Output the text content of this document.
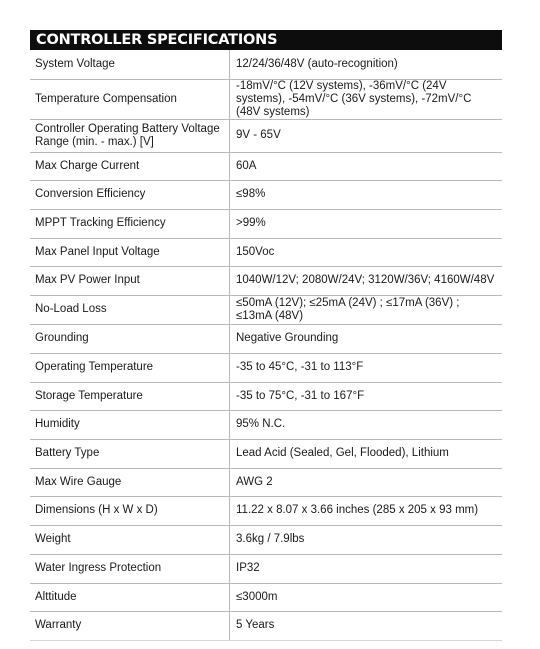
CONTROLLER SPECIFICATIONS
System Voltage	12/24/36/48V (auto-recognition)
Temperature Compensation	-18mV/°C (12V systems), -36mV/°C (24V systems), -54mV/°C (36V systems), -72mV/°C (48V systems)
Controller Operating Battery Voltage Range (min. - max.) [V]	9V - 65V
Max Charge Current	60A
Conversion Efficiency	≤98%
MPPT Tracking Efficiency	>99%
Max Panel Input Voltage	150Voc
Max PV Power Input	1040W/12V; 2080W/24V; 3120W/36V; 4160W/48V
No-Load Loss	≤50mA (12V); ≤25mA (24V) ; ≤17mA (36V) ; ≤13mA (48V)
Grounding	Negative Grounding
Operating Temperature	-35 to 45°C, -31 to 113°F
Storage Temperature	-35 to 75°C, -31 to 167°F
Humidity	95% N.C.
Battery Type	Lead Acid (Sealed, Gel, Flooded), Lithium
Max Wire Gauge	AWG 2
Dimensions (H x W x D)	11.22 x 8.07 x 3.66 inches (285 x 205 x 93 mm)
Weight	3.6kg / 7.9lbs
Water Ingress Protection	IP32
Alttitude	≤3000m
Warranty	5 Years
